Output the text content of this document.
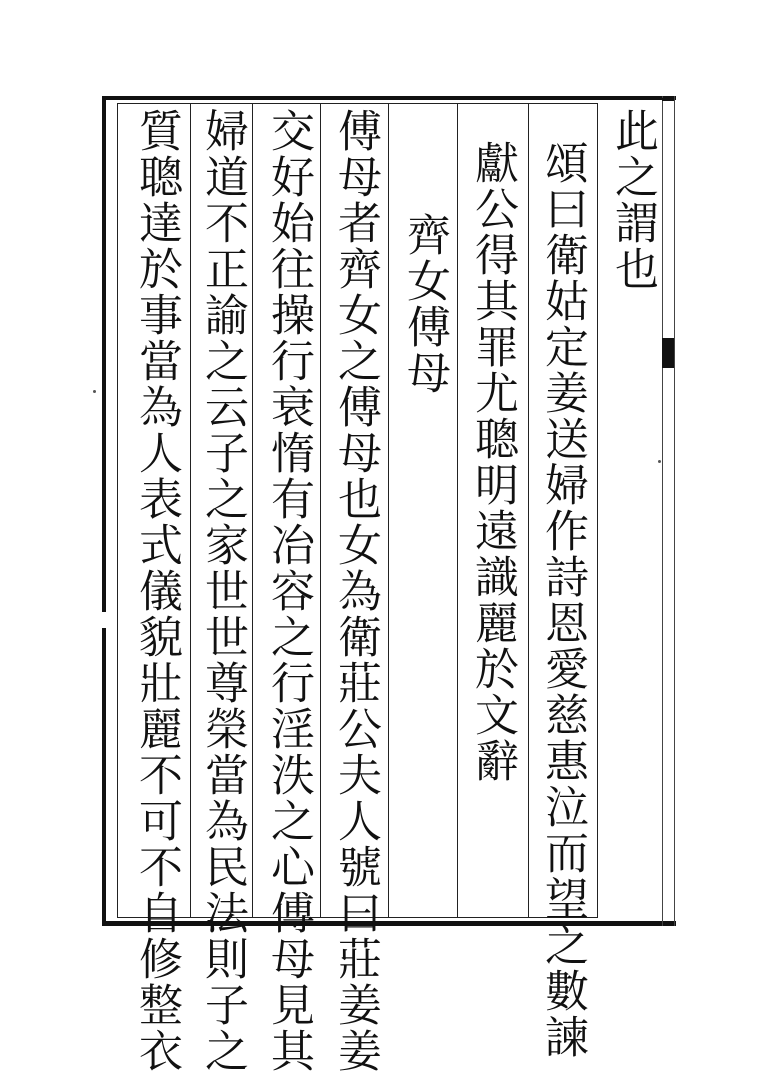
此之謂也
頌曰衛姑定姜送婦作詩恩愛慈惠泣而望之數諫
獻公得其罪尤聰明遠識麗於文辭
齊女傅母
傅母者齊女之傅母也女為衛莊公夫人號曰莊姜姜
交好始往操行衰惰有冶容之行淫泆之心傅母見其
婦道不正諭之云子之家世世尊榮當為民法則子之
質聰達於事當為人表式儀貌壯麗不可不自修整衣
